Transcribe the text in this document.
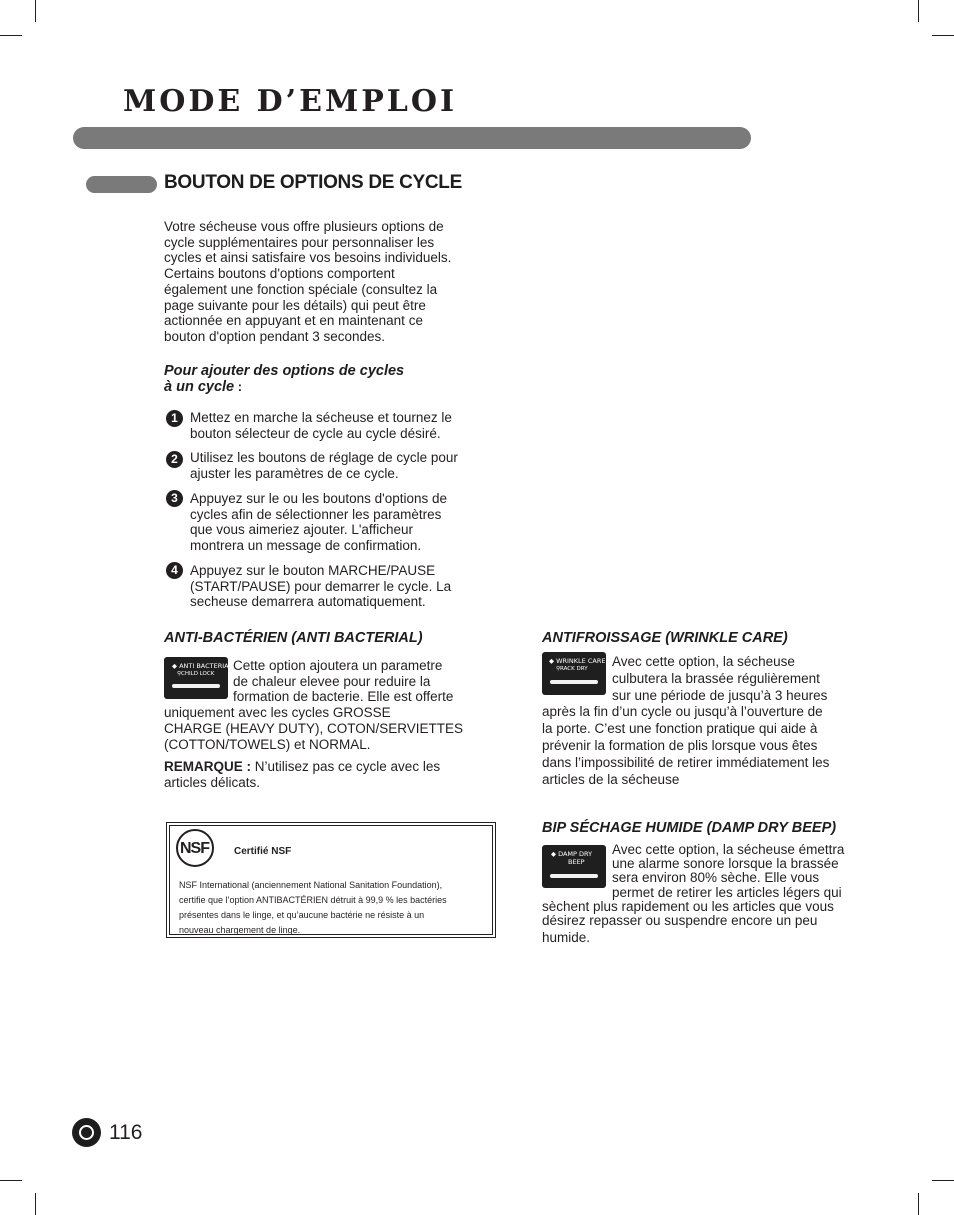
MODE D’EMPLOI
BOUTON DE OPTIONS DE CYCLE
Votre sécheuse vous offre plusieurs options de
cycle supplémentaires pour personnaliser les
cycles et ainsi satisfaire vos besoins individuels.
Certains boutons d'options comportent
également une fonction spéciale (consultez la
page suivante pour les détails) qui peut être
actionnée en appuyant et en maintenant ce
bouton d'option pendant 3 secondes.
Pour ajouter des options de cycles
à un cycle :
1 Mettez en marche la sécheuse et tournez le
bouton sélecteur de cycle au cycle désiré.
2 Utilisez les boutons de réglage de cycle pour
ajuster les paramètres de ce cycle.
3 Appuyez sur le ou les boutons d'options de
cycles afin de sélectionner les paramètres
que vous aimeriez ajouter. L'afficheur
montrera un message de confirmation.
4 Appuyez sur le bouton MARCHE/PAUSE
(START/PAUSE) pour demarrer le cycle. La
secheuse demarrera automatiquement.
ANTI-BACTÉRIEN (ANTI BACTERIAL)
◆ ANTI BACTERIAL
⚲CHILD LOCK
Cette option ajoutera un parametre
de chaleur elevee pour reduire la
formation de bacterie. Elle est offerte
uniquement avec les cycles GROSSE
CHARGE (HEAVY DUTY), COTON/SERVIETTES
(COTTON/TOWELS) et NORMAL.
REMARQUE : N’utilisez pas ce cycle avec les
articles délicats.
NSF	Certifié NSF
NSF International (anciennement National Sanitation Foundation),
certifie que l’option ANTIBACTÉRIEN détruit à 99,9 % les bactéries
présentes dans le linge, et qu’aucune bactérie ne résiste à un
nouveau chargement de linge.
ANTIFROISSAGE (WRINKLE CARE)
◆ WRINKLE CARE
⚲RACK DRY	Avec cette option, la sécheuse
culbutera la brassée régulièrement
sur une période de jusqu’à 3 heures
après la fin d’un cycle ou jusqu’à l’ouverture de
la porte. C’est une fonction pratique qui aide à
prévenir la formation de plis lorsque vous êtes
dans l’impossibilité de retirer immédiatement les
articles de la sécheuse
BIP SÉCHAGE HUMIDE (DAMP DRY BEEP)
◆ DAMP DRY
BEEP
Avec cette option, la sécheuse émettra
une alarme sonore lorsque la brassée
sera environ 80% sèche. Elle vous
permet de retirer les articles légers qui
sèchent plus rapidement ou les articles que vous
désirez repasser ou suspendre encore un peu
humide.
116
